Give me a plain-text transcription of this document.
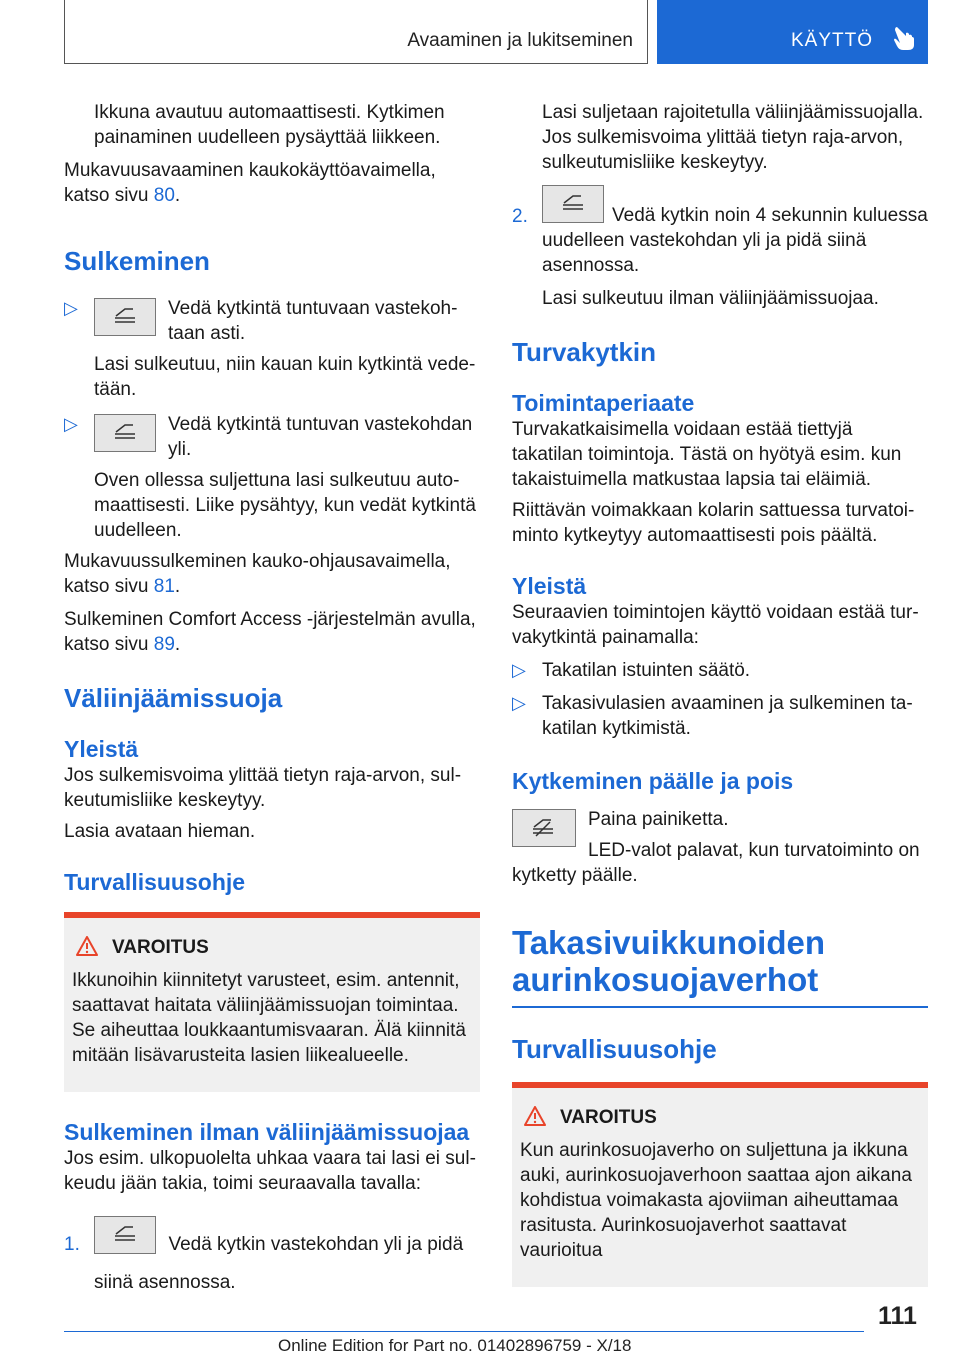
Avaaminen ja lukitseminen	KÄYTTÖ

Ikkuna avautuu automaattisesti. Kytkimen painaminen uudelleen pysäyttää liikkeen.

Mukavuusavaaminen kaukokäyttöavaimella, katso sivu 80.

Sulkeminen
▷	Vedä kytkintä tuntuvaan vastekohtaan asti.

Lasi sulkeutuu, niin kauan kuin kytkintä vedetään.

▷	Vedä kytkintä tuntuvan vastekohdan yli.

Oven ollessa suljettuna lasi sulkeutuu automaattisesti. Liike pysähtyy, kun vedät kytkintä uudelleen.

Mukavuussulkeminen kauko-ohjausavaimella, katso sivu 81.

Sulkeminen Comfort Access -järjestelmän avulla, katso sivu 89.

Väliinjäämissuoja
Yleistä

Jos sulkemisvoima ylittää tietyn raja-arvon, sulkeutumisliike keskeytyy.

Lasia avataan hieman.

Turvallisuusohje
VAROITUS

Ikkunoihin kiinnitetyt varusteet, esim. antennit, saattavat haitata väliinjäämissuojan toimintaa. Se aiheuttaa loukkaantumisvaaran. Älä kiinnitä mitään lisävarusteita lasien liikealueelle.

Sulkeminen ilman väliinjäämissuojaa

Jos esim. ulkopuolelta uhkaa vaara tai lasi ei sulkeudu jään takia, toimi seuraavalla tavalla:

1.
	Vedä kytkin vastekohdan yli ja pidä siinä asennossa.

Lasi suljetaan rajoitetulla väliinjäämissuojalla. Jos sulkemisvoima ylittää tietyn raja-arvon, sulkeutumisliike keskeytyy.

2.	Vedä kytkin noin 4 sekunnin kuluessa uudelleen vastekohdan yli ja pidä siinä asennossa.

Lasi sulkeutuu ilman väliinjäämissuojaa.

Turvakytkin
Toimintaperiaate

Turvakatkaisimella voidaan estää tiettyjä takatilan toimintoja. Tästä on hyötyä esim. kun takaistuimella matkustaa lapsia tai eläimiä.

Riittävän voimakkaan kolarin sattuessa turvatoiminto kytkeytyy automaattisesti pois päältä.

Yleistä

Seuraavien toimintojen käyttö voidaan estää turvakytkintä painamalla:

▷ Takatilan istuinten säätö.

▷ Takasivulasien avaaminen ja sulkeminen takatilan kytkimistä.

Kytkeminen päälle ja pois

Paina painiketta.

LED-valot palavat, kun turvatoiminto on kytketty päälle.

Takasivuikkunoiden aurinkosuojaverhot
Turvallisuusohje
VAROITUS

Kun aurinkosuojaverho on suljettuna ja ikkuna auki, aurinkosuojaverhoon saattaa ajon aikana kohdistua voimakasta ajoviiman aiheuttamaa rasitusta. Aurinkosuojaverhot saattavat vaurioitua

111
Online Edition for Part no. 01402896759 - X/18
